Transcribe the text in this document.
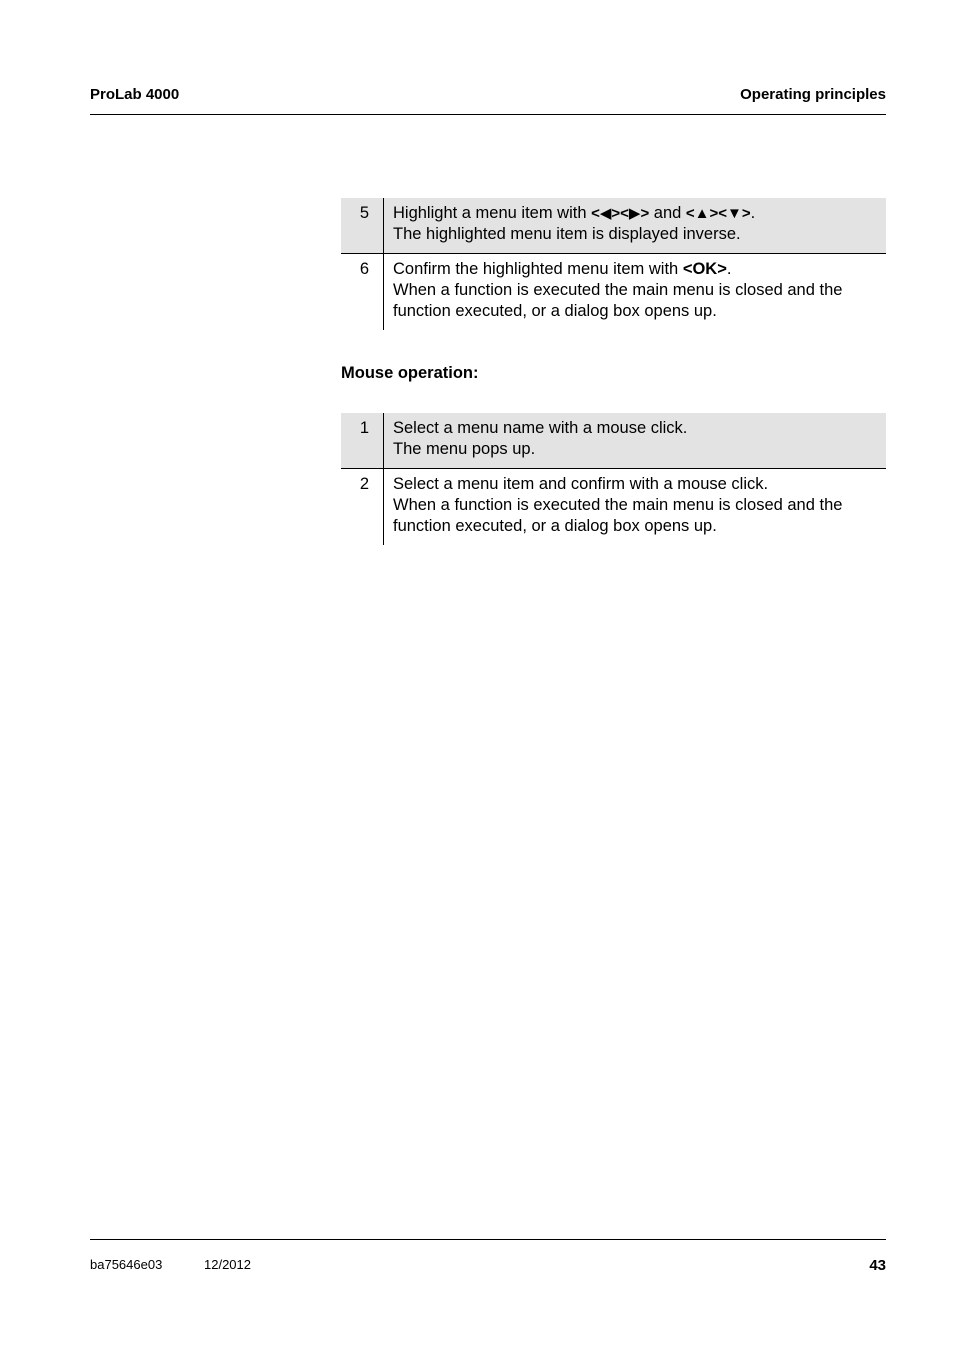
ProLab 4000	Operating principles
5	Highlight a menu item with <◀><▶> and <▲><▼>.
The highlighted menu item is displayed inverse.
6	Confirm the highlighted menu item with <OK>.
When a function is executed the main menu is closed and the function executed, or a dialog box opens up.
Mouse operation:
1	Select a menu name with a mouse click.
The menu pops up.
2	Select a menu item and confirm with a mouse click.
When a function is executed the main menu is closed and the function executed, or a dialog box opens up.
ba75646e03	12/2012	43
